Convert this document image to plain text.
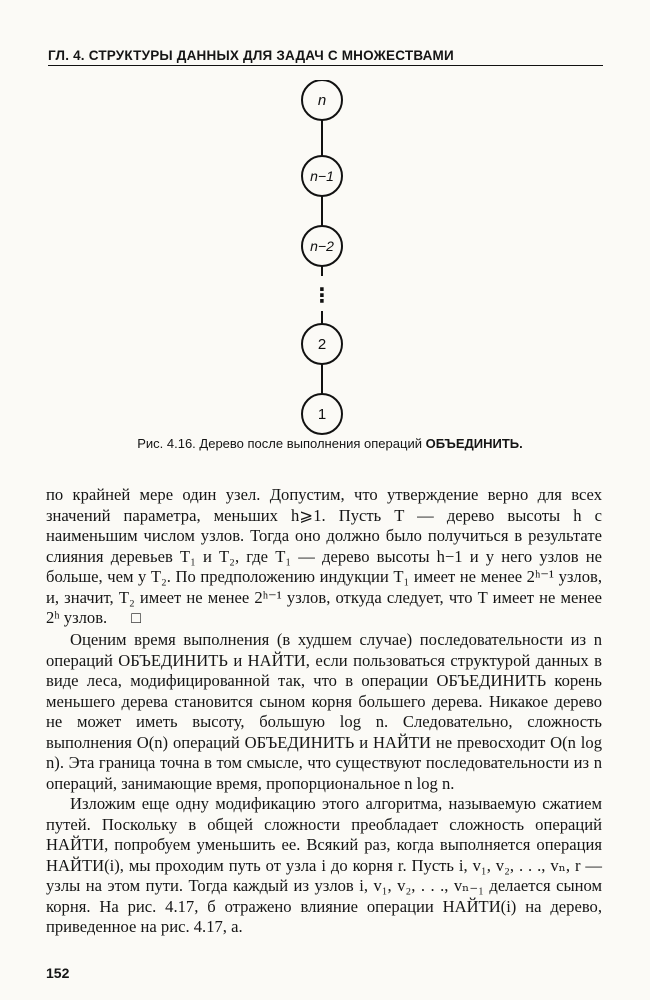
ГЛ. 4. СТРУКТУРЫ ДАННЫХ ДЛЯ ЗАДАЧ С МНОЖЕСТВАМИ
n
n−1
n−2
⋮
2
1
Рис. 4.16. Дерево после выполнения операций ОБЪЕДИНИТЬ.

по крайней мере один узел. Допустим, что утверждение верно для всех значений параметра, меньших h⩾1. Пусть T — дерево высоты h с наименьшим числом узлов. Тогда оно должно было получиться в результате слияния деревьев T₁ и T₂, где T₁ — дерево высоты h−1 и у него узлов не больше, чем у T₂. По предположению индукции T₁ имеет не менее 2ʰ⁻¹ узлов, и, значит, T₂ имеет не менее 2ʰ⁻¹ узлов, откуда следует, что T имеет не менее 2ʰ узлов. □

Оценим время выполнения (в худшем случае) последовательности из n операций ОБЪЕДИНИТЬ и НАЙТИ, если пользоваться структурой данных в виде леса, модифицированной так, что в операции ОБЪЕДИНИТЬ корень меньшего дерева становится сыном корня большего дерева. Никакое дерево не может иметь высоту, большую log n. Следовательно, сложность выполнения O(n) операций ОБЪЕДИНИТЬ и НАЙТИ не превосходит O(n log n). Эта граница точна в том смысле, что существуют последовательности из n операций, занимающие время, пропорциональное n log n.

Изложим еще одну модификацию этого алгоритма, называемую сжатием путей. Поскольку в общей сложности преобладает сложность операций НАЙТИ, попробуем уменьшить ее. Всякий раз, когда выполняется операция НАЙТИ(i), мы проходим путь от узла i до корня r. Пусть i, v₁, v₂, . . ., vₙ, r — узлы на этом пути. Тогда каждый из узлов i, v₁, v₂, . . ., vₙ₋₁ делается сыном корня. На рис. 4.17, б отражено влияние операции НАЙТИ(i) на дерево, приведенное на рис. 4.17, а.

152
